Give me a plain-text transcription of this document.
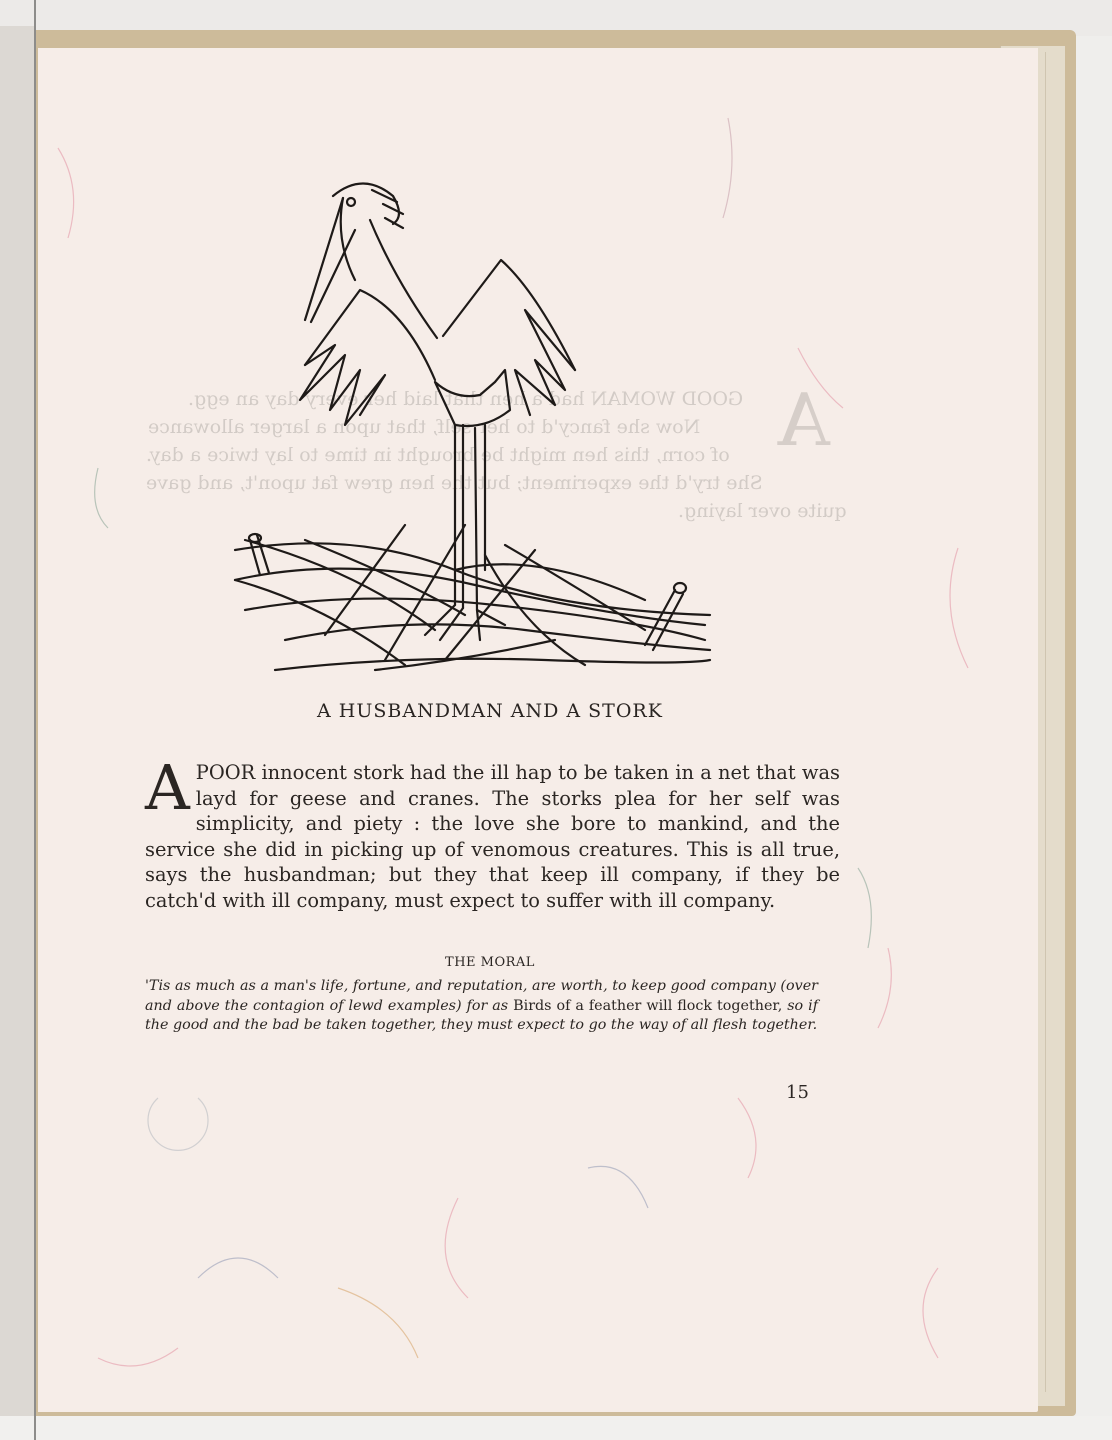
A
GOOD WOMAN had a hen that laid her every day an egg.
Now she fancy'd to her self, that upon a larger allowance
of corn, this hen might be brought in time to lay twice a day.
She try'd the experiment; but the hen grew fat upon't, and gave
quite over laying.
A HUSBANDMAN AND A STORK
APOOR innocent stork had the ill hap to be taken in a net that was layd for geese and cranes. The storks plea for her self was simplicity, and piety : the love she bore to mankind, and the service she did in picking up of venomous creatures. This is all true, says the husbandman; but they that keep ill company, if they be catch'd with ill company, must expect to suffer with ill company.
THE MORAL
'Tis as much as a man's life, fortune, and reputation, are worth, to keep good company (over and above the contagion of lewd examples) for as Birds of a feather will flock together, so if the good and the bad be taken together, they must expect to go the way of all flesh together.
15
